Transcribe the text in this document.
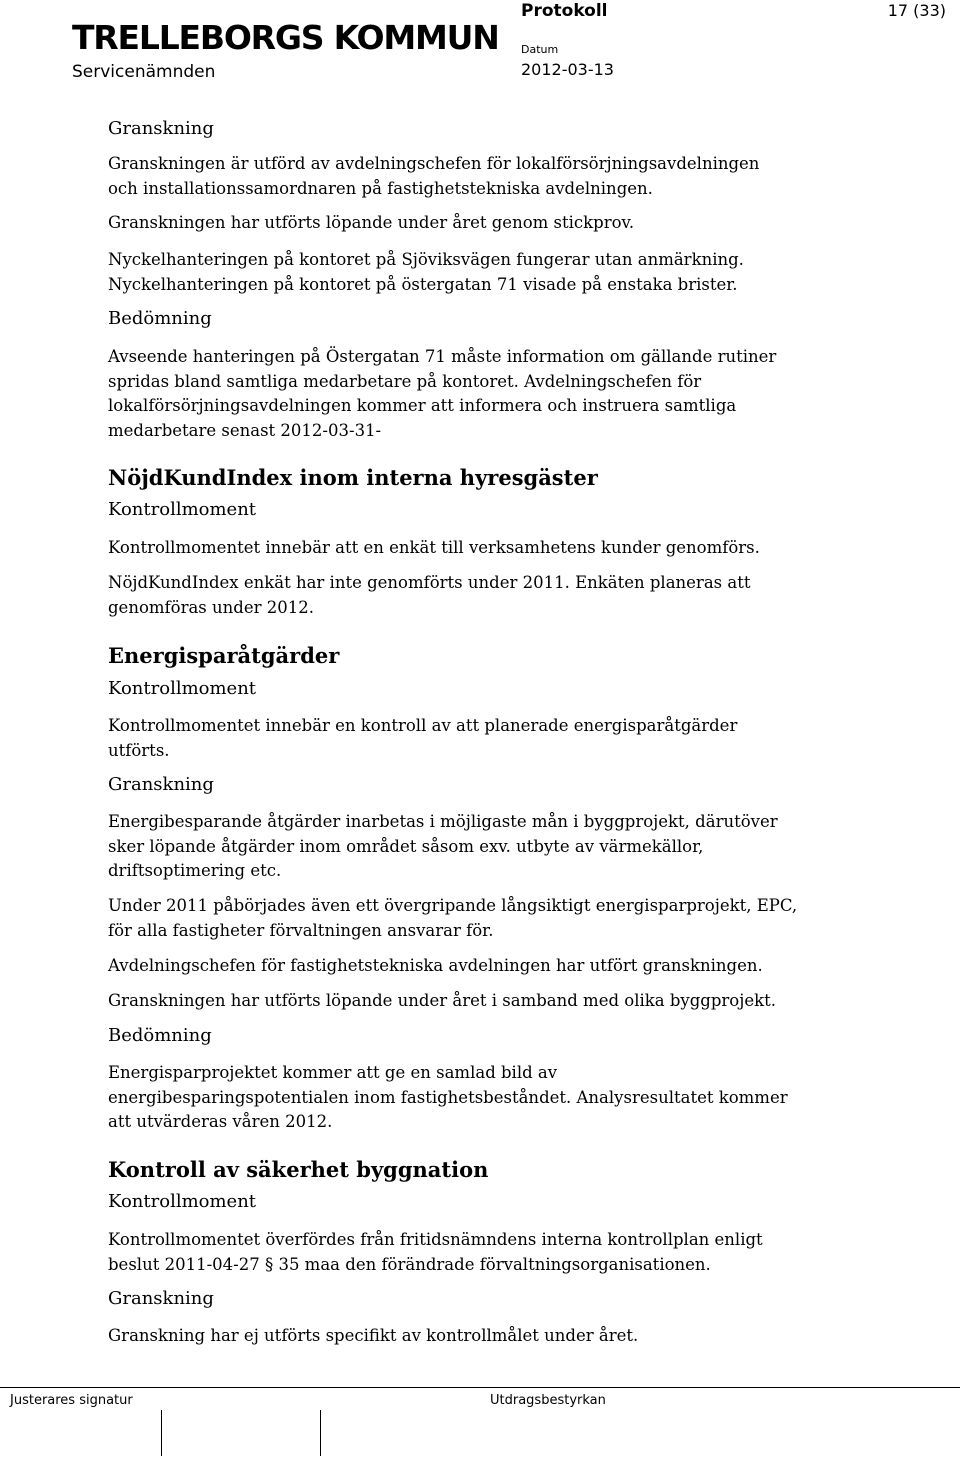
TRELLEBORGS KOMMUN
Servicenämnden
Protokoll
Datum
2012-03-13
17 (33)
Granskning
Granskningen är utförd av avdelningschefen för lokalförsörjningsavdelningen
och installationssamordnaren på fastighetstekniska avdelningen.
Granskningen har utförts löpande under året genom stickprov.
Nyckelhanteringen på kontoret på Sjöviksvägen fungerar utan anmärkning.
Nyckelhanteringen på kontoret på östergatan 71 visade på enstaka brister.
Bedömning
Avseende hanteringen på Östergatan 71 måste information om gällande rutiner
spridas bland samtliga medarbetare på kontoret. Avdelningschefen för
lokalförsörjningsavdelningen kommer att informera och instruera samtliga
medarbetare senast 2012-03-31-
NöjdKundIndex inom interna hyresgäster
Kontrollmoment
Kontrollmomentet innebär att en enkät till verksamhetens kunder genomförs.
NöjdKundIndex enkät har inte genomförts under 2011. Enkäten planeras att
genomföras under 2012.
Energisparåtgärder
Kontrollmoment
Kontrollmomentet innebär en kontroll av att planerade energisparåtgärder
utförts.
Granskning
Energibesparande åtgärder inarbetas i möjligaste mån i byggprojekt, därutöver
sker löpande åtgärder inom området såsom exv. utbyte av värmekällor,
driftsoptimering etc.
Under 2011 påbörjades även ett övergripande långsiktigt energisparprojekt, EPC,
för alla fastigheter förvaltningen ansvarar för.
Avdelningschefen för fastighetstekniska avdelningen har utfört granskningen.
Granskningen har utförts löpande under året i samband med olika byggprojekt.
Bedömning
Energisparprojektet kommer att ge en samlad bild av
energibesparingspotentialen inom fastighetsbeståndet. Analysresultatet kommer
att utvärderas våren 2012.
Kontroll av säkerhet byggnation
Kontrollmoment
Kontrollmomentet överfördes från fritidsnämndens interna kontrollplan enligt
beslut 2011-04-27 § 35 maa den förändrade förvaltningsorganisationen.
Granskning
Granskning har ej utförts specifikt av kontrollmålet under året.
Justerares signatur	Utdragsbestyrkan
